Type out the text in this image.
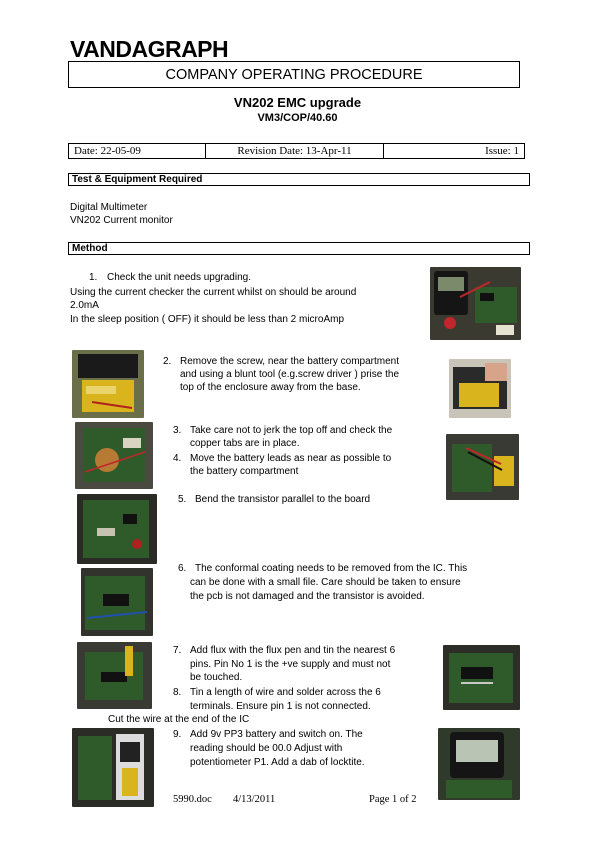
VANDAGRAPH
COMPANY OPERATING PROCEDURE
VN202 EMC upgrade
VM3/COP/40.60
Date: 22-05-09	Revision Date: 13-Apr-11	Issue: 1
Test & Equipment Required
Digital Multimeter
VN202 Current monitor
Method
1. Check the unit needs upgrading.
Using the current checker the current whilst on should be around
2.0mA
In the sleep position ( OFF) it should be less than 2 microAmp
2. Remove the screw, near the battery compartment
and using a blunt tool (e.g.screw driver ) prise the
top of the enclosure away from the base.
3. Take care not to jerk the top off and check the
copper tabs are in place.
4. Move the battery leads as near as possible to
the battery compartment
5. Bend the transistor parallel to the board
6. The conformal coating needs to be removed from the IC. This
can be done with a small file. Care should be taken to ensure
the pcb is not damaged and the transistor is avoided.
7. Add flux with the flux pen and tin the nearest 6
pins. Pin No 1 is the +ve supply and must not
be touched.
8. Tin a length of wire and solder across the 6
terminals. Ensure pin 1 is not connected.
Cut the wire at the end of the IC
9. Add 9v PP3 battery and switch on. The
reading should be 00.0 Adjust with
potentiometer P1. Add a dab of locktite.
5990.doc 4/13/2011	Page 1 of 2
